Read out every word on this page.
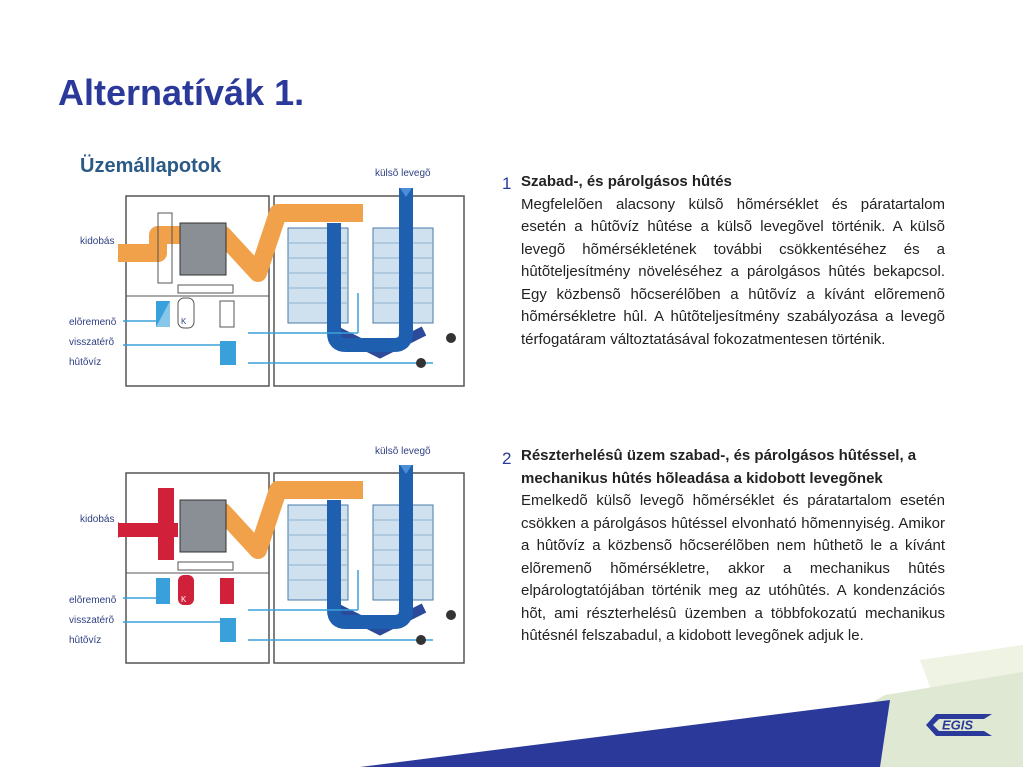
Alternatívák 1.
Üzemállapotok	külsõ levegõ
kidobás
elõremenõ
visszatérõ
hûtõvíz
K
külsõ levegõ
kidobás
elõremenõ
visszatérõ
hûtõvíz
K
1 Szabad-, és párolgásos hûtés
Megfelelõen alacsony külsõ hõmérséklet és páratartalom esetén a hûtõvíz hûtése a külsõ levegõvel történik. A külsõ levegõ hõmérsékletének további csökkentéséhez és a hûtõteljesítmény növeléséhez a párolgásos hûtés bekapcsol. Egy közbensõ hõcserélõben a hûtõvíz a kívánt elõremenõ hõmérsékletre hûl. A hûtõteljesítmény szabályozása a levegõ térfogatáram változtatásával fokozatmentesen történik.
2 Részterhelésû üzem szabad-, és párolgásos hûtéssel, a mechanikus hûtés hõleadása a kidobott levegõnek
Emelkedõ külsõ levegõ hõmérséklet és páratartalom esetén csökken a párolgásos hûtéssel elvonható hõmennyiség. Amikor a hûtõvíz a közbensõ hõcserélõben nem hûthetõ le a kívánt elõremenõ hõmérsékletre, akkor a mechanikus hûtés elpárologtatójában történik meg az utóhûtés. A kondenzációs hõt, ami részterhelésû üzemben a többfokozatú mechanikus hûtésnél felszabadul, a kidobott levegõnek adjuk le.
EGIS
